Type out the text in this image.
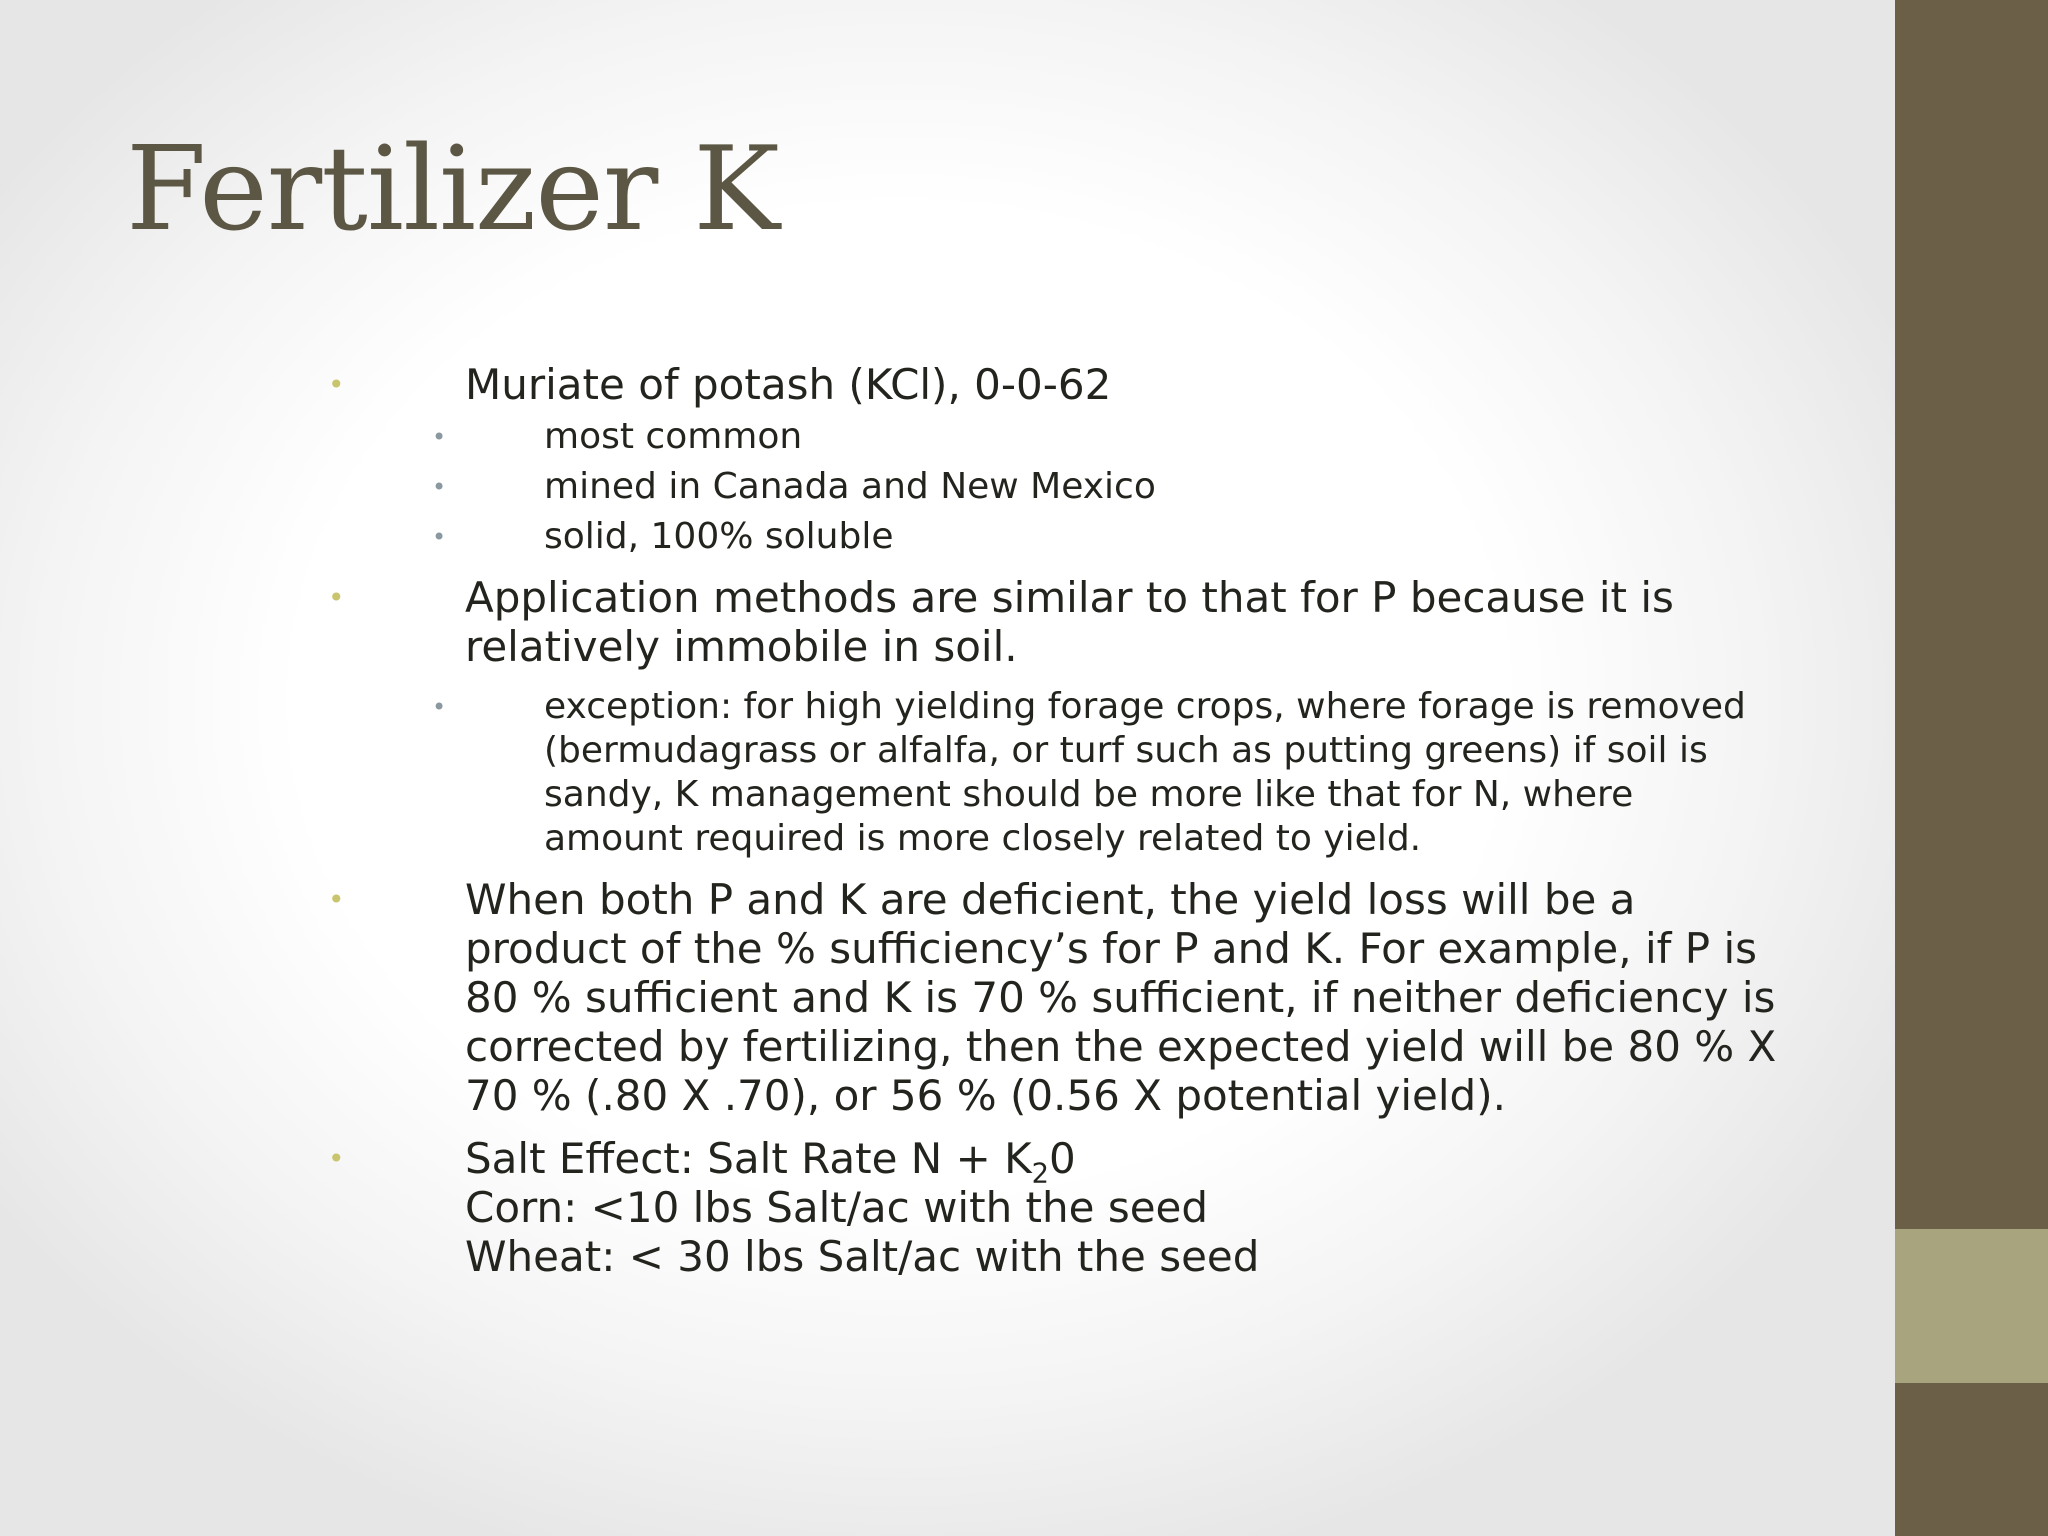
Fertilizer K
•	Muriate of potash (KCl), 0-0-62
•	most common
•	mined in Canada and New Mexico
•	solid, 100% soluble
•	Application methods are similar to that for P because it is
relatively immobile in soil.
•	exception: for high yielding forage crops, where forage is removed
(bermudagrass or alfalfa, or turf such as putting greens) if soil is
sandy, K management should be more like that for N, where
amount required is more closely related to yield.
•	When both P and K are deficient, the yield loss will be a
product of the % sufficiency’s for P and K. For example, if P is
80 % sufficient and K is 70 % sufficient, if neither deficiency is
corrected by fertilizing, then the expected yield will be 80 % X
70 % (.80 X .70), or 56 % (0.56 X potential yield).
•	Salt Effect: Salt Rate $N + K_20$
Corn: <10 lbs Salt/ac with the seed
Wheat: < 30 lbs Salt/ac with the seed
